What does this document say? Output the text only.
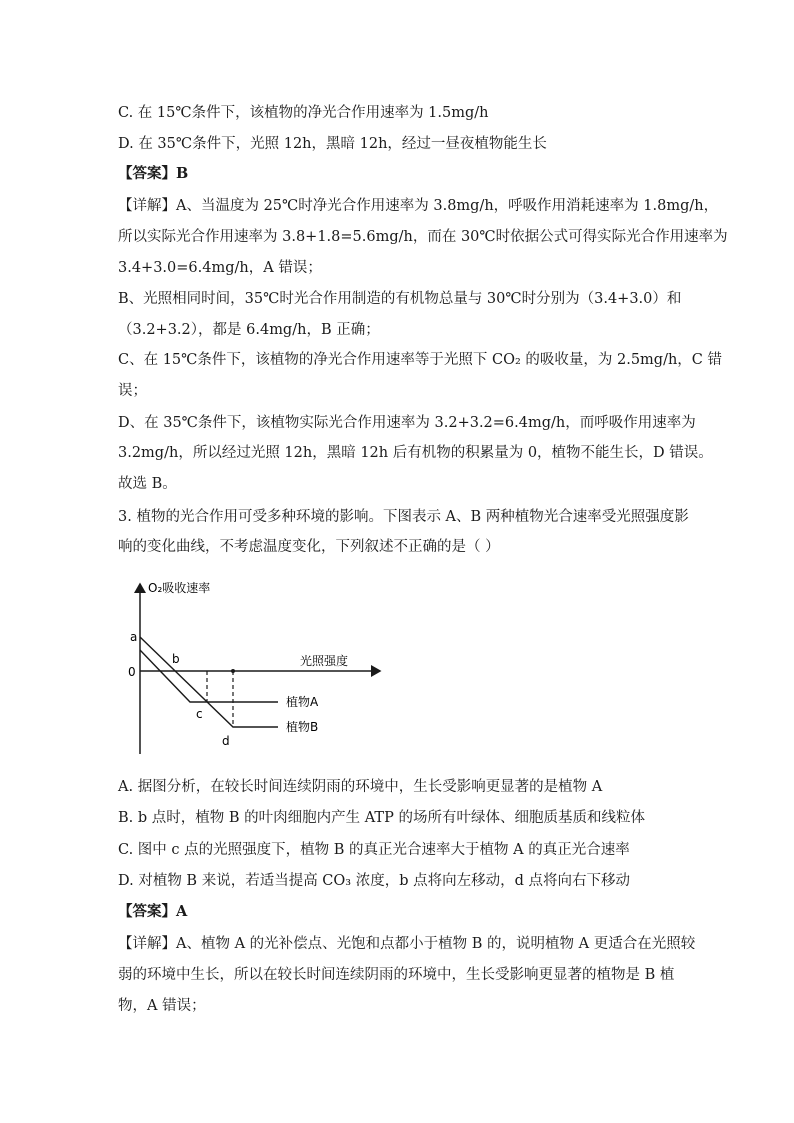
C. 在 15℃条件下，该植物的净光合作用速率为 1.5mg/h
D. 在 35℃条件下，光照 12h，黑暗 12h，经过一昼夜植物能生长
【答案】B
【详解】A、当温度为 25℃时净光合作用速率为 3.8mg/h，呼吸作用消耗速率为 1.8mg/h，
所以实际光合作用速率为 3.8+1.8=5.6mg/h，而在 30℃时依据公式可得实际光合作用速率为
3.4+3.0=6.4mg/h，A 错误；
B、光照相同时间，35℃时光合作用制造的有机物总量与 30℃时分别为（3.4+3.0）和
（3.2+3.2），都是 6.4mg/h，B 正确；
C、在 15℃条件下，该植物的净光合作用速率等于光照下 CO₂ 的吸收量，为 2.5mg/h，C 错
误；
D、在 35℃条件下，该植物实际光合作用速率为 3.2+3.2=6.4mg/h，而呼吸作用速率为
3.2mg/h，所以经过光照 12h，黑暗 12h 后有机物的积累量为 0，植物不能生长，D 错误。
故选 B。
3. 植物的光合作用可受多种环境的影响。下图表示 A、B 两种植物光合速率受光照强度影
响的变化曲线，不考虑温度变化，下列叙述不正确的是（ ）
O₂吸收速率
光照强度
0
a
b
c
d
植物A
植物B
A. 据图分析，在较长时间连续阴雨的环境中，生长受影响更显著的是植物 A
B. b 点时，植物 B 的叶肉细胞内产生 ATP 的场所有叶绿体、细胞质基质和线粒体
C. 图中 c 点的光照强度下，植物 B 的真正光合速率大于植物 A 的真正光合速率
D. 对植物 B 来说，若适当提高 CO₃ 浓度，b 点将向左移动，d 点将向右下移动
【答案】A
【详解】A、植物 A 的光补偿点、光饱和点都小于植物 B 的，说明植物 A 更适合在光照较
弱的环境中生长，所以在较长时间连续阴雨的环境中，生长受影响更显著的植物是 B 植
物，A 错误；
